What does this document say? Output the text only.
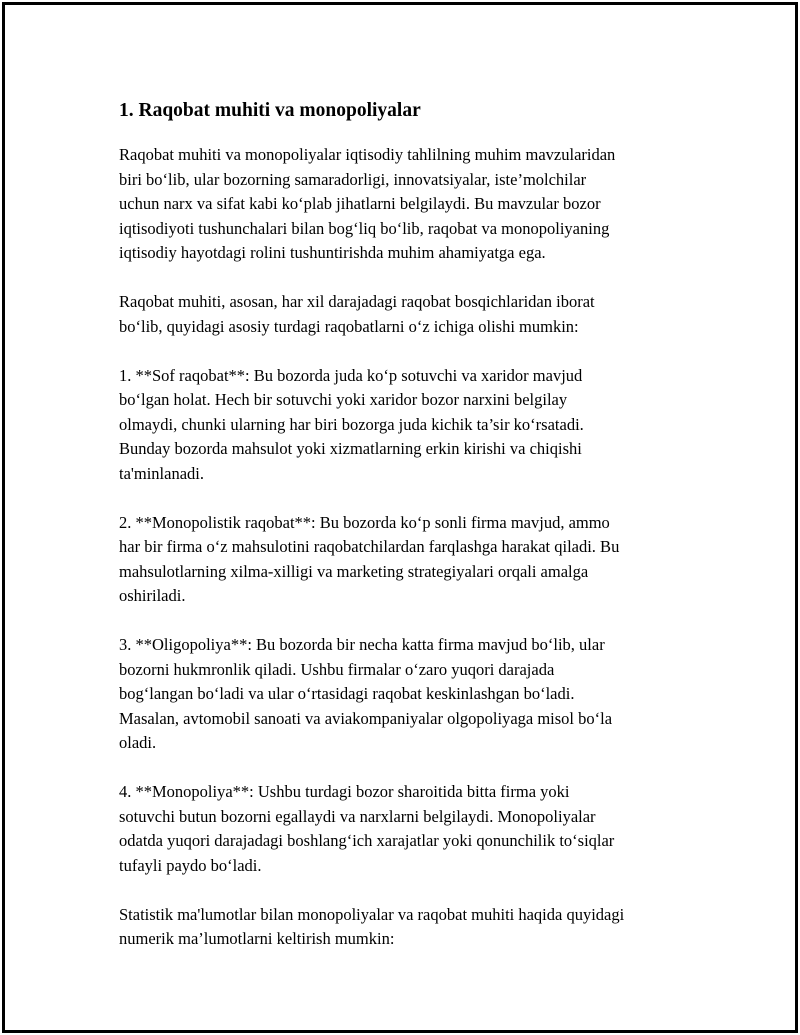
1. Raqobat muhiti va monopoliyalar

Raqobat muhiti va monopoliyalar iqtisodiy tahlilning muhim mavzularidan
biri bo‘lib, ular bozorning samaradorligi, innovatsiyalar, iste’molchilar
uchun narx va sifat kabi ko‘plab jihatlarni belgilaydi. Bu mavzular bozor
iqtisodiyoti tushunchalari bilan bog‘liq bo‘lib, raqobat va monopoliyaning
iqtisodiy hayotdagi rolini tushuntirishda muhim ahamiyatga ega.

Raqobat muhiti, asosan, har xil darajadagi raqobat bosqichlaridan iborat
bo‘lib, quyidagi asosiy turdagi raqobatlarni o‘z ichiga olishi mumkin:

1. **Sof raqobat**: Bu bozorda juda ko‘p sotuvchi va xaridor mavjud
bo‘lgan holat. Hech bir sotuvchi yoki xaridor bozor narxini belgilay
olmaydi, chunki ularning har biri bozorga juda kichik ta’sir ko‘rsatadi.
Bunday bozorda mahsulot yoki xizmatlarning erkin kirishi va chiqishi
ta'minlanadi.

2. **Monopolistik raqobat**: Bu bozorda ko‘p sonli firma mavjud, ammo
har bir firma o‘z mahsulotini raqobatchilardan farqlashga harakat qiladi. Bu
mahsulotlarning xilma-xilligi va marketing strategiyalari orqali amalga
oshiriladi.

3. **Oligopoliya**: Bu bozorda bir necha katta firma mavjud bo‘lib, ular
bozorni hukmronlik qiladi. Ushbu firmalar o‘zaro yuqori darajada
bog‘langan bo‘ladi va ular o‘rtasidagi raqobat keskinlashgan bo‘ladi.
Masalan, avtomobil sanoati va aviakompaniyalar olgopoliyaga misol bo‘la
oladi.

4. **Monopoliya**: Ushbu turdagi bozor sharoitida bitta firma yoki
sotuvchi butun bozorni egallaydi va narxlarni belgilaydi. Monopoliyalar
odatda yuqori darajadagi boshlang‘ich xarajatlar yoki qonunchilik to‘siqlar
tufayli paydo bo‘ladi.

Statistik ma'lumotlar bilan monopoliyalar va raqobat muhiti haqida quyidagi
numerik ma’lumotlarni keltirish mumkin:
